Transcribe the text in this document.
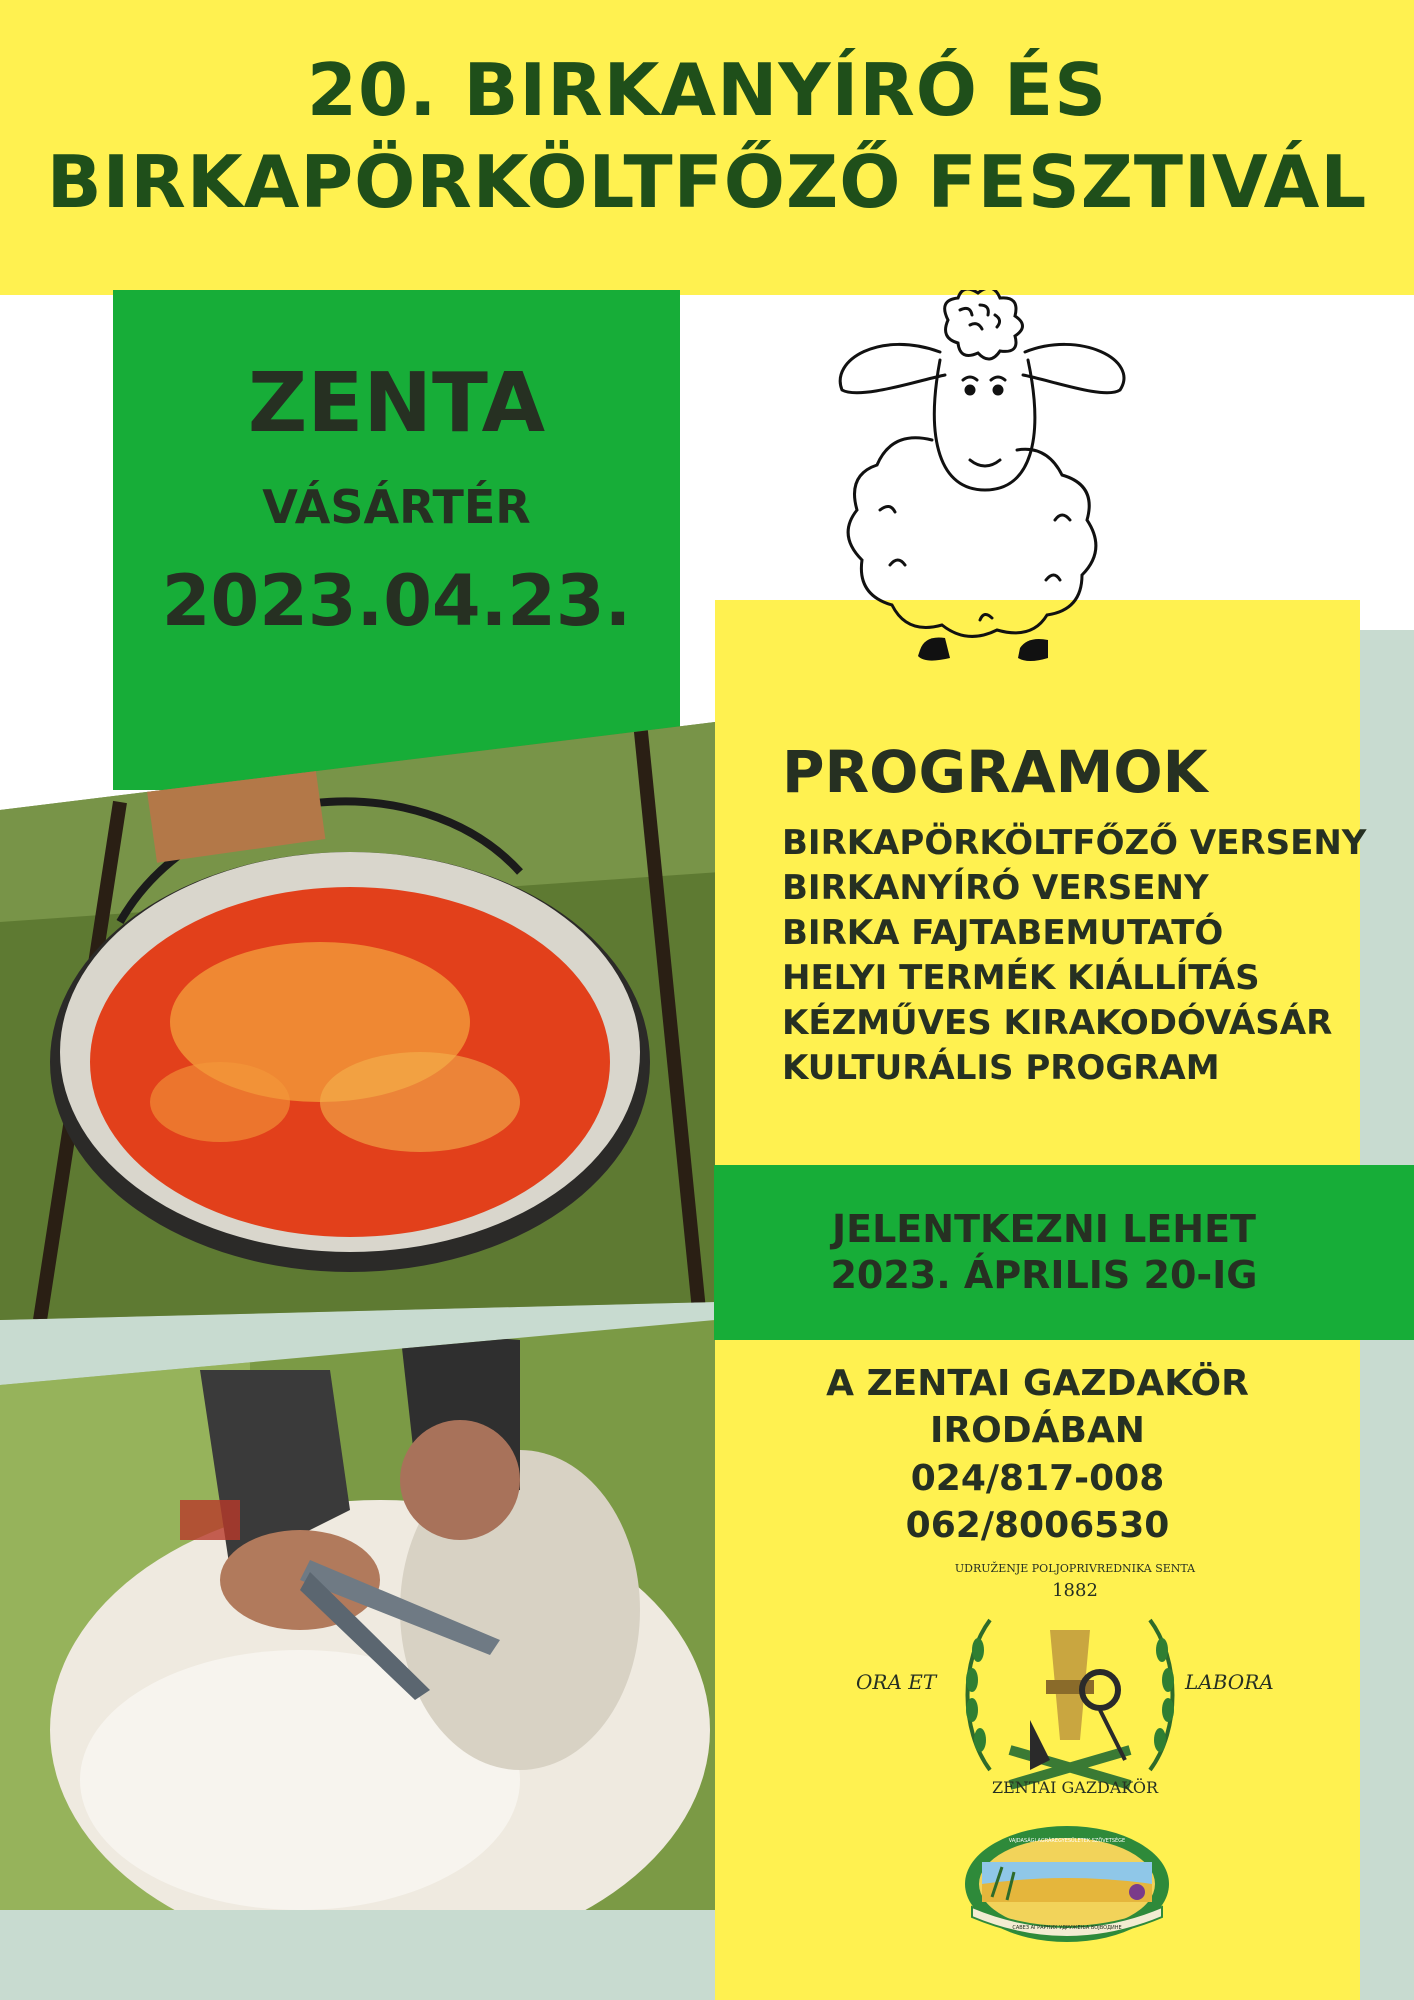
20. BIRKANYÍRÓ ÉS
BIRKAPÖRKÖLTFŐZŐ FESZTIVÁL
ZENTA
VÁSÁRTÉR
2023.04.23.
PROGRAMOK
BIRKAPÖRKÖLTFŐZŐ VERSENY
BIRKANYÍRÓ VERSENY
BIRKA FAJTABEMUTATÓ
HELYI TERMÉK KIÁLLÍTÁS
KÉZMŰVES KIRAKODÓVÁSÁR
KULTURÁLIS PROGRAM
JELENTKEZNI LEHET
2023. ÁPRILIS 20-IG
A ZENTAI GAZDAKÖR
IRODÁBAN
024/817-008
062/8006530
UDRUŽENJE POLJOPRIVREDNIKA SENTA
1882
ORA ET	LABORA
ZENTAI GAZDAKÖR
VAJDASÁGI AGRÁREGYESÜLETEK SZÖVETSÉGE
САВЕЗ АГРАРНИХ УДРУЖЕЊА ВОЈВОДИНЕ
